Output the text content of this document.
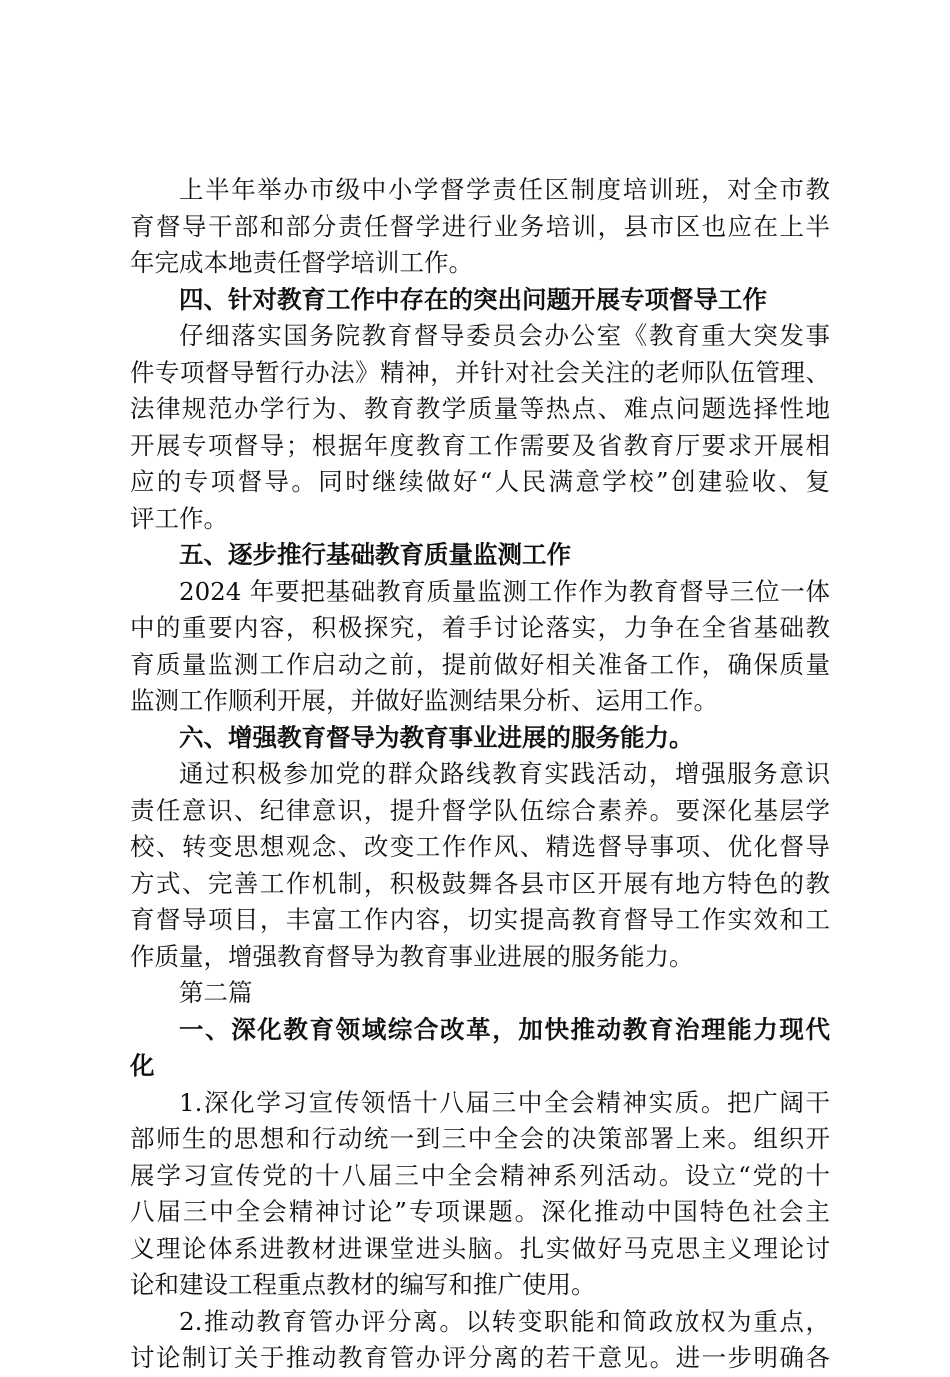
上半年举办市级中小学督学责任区制度培训班，对全市教
育督导干部和部分责任督学进行业务培训，县市区也应在上半
年完成本地责任督学培训工作。
四、针对教育工作中存在的突出问题开展专项督导工作
仔细落实国务院教育督导委员会办公室《教育重大突发事
件专项督导暂行办法》精神，并针对社会关注的老师队伍管理、
法律规范办学行为、教育教学质量等热点、难点问题选择性地
开展专项督导；根据年度教育工作需要及省教育厅要求开展相
应的专项督导。同时继续做好“人民满意学校”创建验收、复
评工作。
五、逐步推行基础教育质量监测工作
2024 年要把基础教育质量监测工作作为教育督导三位一体
中的重要内容，积极探究，着手讨论落实，力争在全省基础教
育质量监测工作启动之前，提前做好相关准备工作，确保质量
监测工作顺利开展，并做好监测结果分析、运用工作。
六、增强教育督导为教育事业进展的服务能力。
通过积极参加党的群众路线教育实践活动，增强服务意识
责任意识、纪律意识，提升督学队伍综合素养。要深化基层学
校、转变思想观念、改变工作作风、精选督导事项、优化督导
方式、完善工作机制，积极鼓舞各县市区开展有地方特色的教
育督导项目，丰富工作内容，切实提高教育督导工作实效和工
作质量，增强教育督导为教育事业进展的服务能力。
第二篇
一、深化教育领域综合改革，加快推动教育治理能力现代
化
1.深化学习宣传领悟十八届三中全会精神实质。把广阔干
部师生的思想和行动统一到三中全会的决策部署上来。组织开
展学习宣传党的十八届三中全会精神系列活动。设立“党的十
八届三中全会精神讨论”专项课题。深化推动中国特色社会主
义理论体系进教材进课堂进头脑。扎实做好马克思主义理论讨
论和建设工程重点教材的编写和推广使用。
2.推动教育管办评分离。以转变职能和简政放权为重点，
讨论制订关于推动教育管办评分离的若干意见。进一步明确各
